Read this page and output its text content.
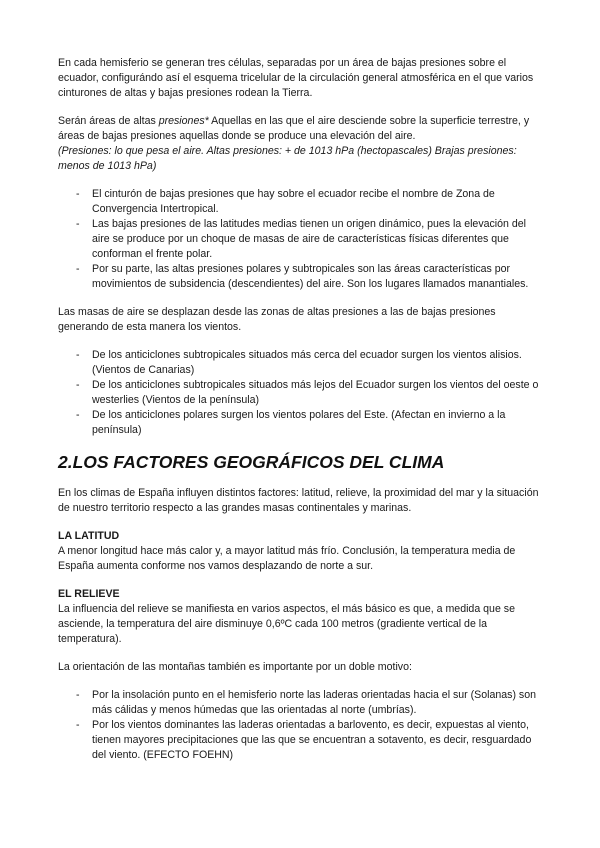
En cada hemisferio se generan tres células, separadas por un área de bajas presiones sobre el ecuador, configurándo así el esquema tricelular de la circulación general atmosférica en el que varios cinturones de altas y bajas presiones rodean la Tierra.

Serán áreas de altas presiones* Aquellas en las que el aire desciende sobre la superficie terrestre, y áreas de bajas presiones aquellas donde se produce una elevación del aire.

(Presiones: lo que pesa el aire. Altas presiones: + de 1013 hPa (hectopascales) Brajas presiones: menos de 1013 hPa)

- El cinturón de bajas presiones que hay sobre el ecuador recibe el nombre de Zona de Convergencia Intertropical.
- Las bajas presiones de las latitudes medias tienen un origen dinámico, pues la elevación del aire se produce por un choque de masas de aire de características físicas diferentes que conforman el frente polar.
- Por su parte, las altas presiones polares y subtropicales son las áreas características por movimientos de subsidencia (descendientes) del aire. Son los lugares llamados manantiales.

Las masas de aire se desplazan desde las zonas de altas presiones a las de bajas presiones generando de esta manera los vientos.

- De los anticiclones subtropicales situados más cerca del ecuador surgen los vientos alisios. (Vientos de Canarias)
- De los anticiclones subtropicales situados más lejos del Ecuador surgen los vientos del oeste o westerlies (Vientos de la península)
- De los anticiclones polares surgen los vientos polares del Este. (Afectan en invierno a la península)
2.LOS FACTORES GEOGRÁFICOS DEL CLIMA

En los climas de España influyen distintos factores: latitud, relieve, la proximidad del mar y la situación de nuestro territorio respecto a las grandes masas continentales y marinas.

LA LATITUD

A menor longitud hace más calor y, a mayor latitud más frío. Conclusión, la temperatura media de España aumenta conforme nos vamos desplazando de norte a sur.

EL RELIEVE

La influencia del relieve se manifiesta en varios aspectos, el más básico es que, a medida que se asciende, la temperatura del aire disminuye 0,6ºC cada 100 metros (gradiente vertical de la temperatura).

La orientación de las montañas también es importante por un doble motivo:

- Por la insolación punto en el hemisferio norte las laderas orientadas hacia el sur (Solanas) son más cálidas y menos húmedas que las orientadas al norte (umbrías).
- Por los vientos dominantes las laderas orientadas a barlovento, es decir, expuestas al viento, tienen mayores precipitaciones que las que se encuentran a sotavento, es decir, resguardado del viento. (EFECTO FOEHN)
